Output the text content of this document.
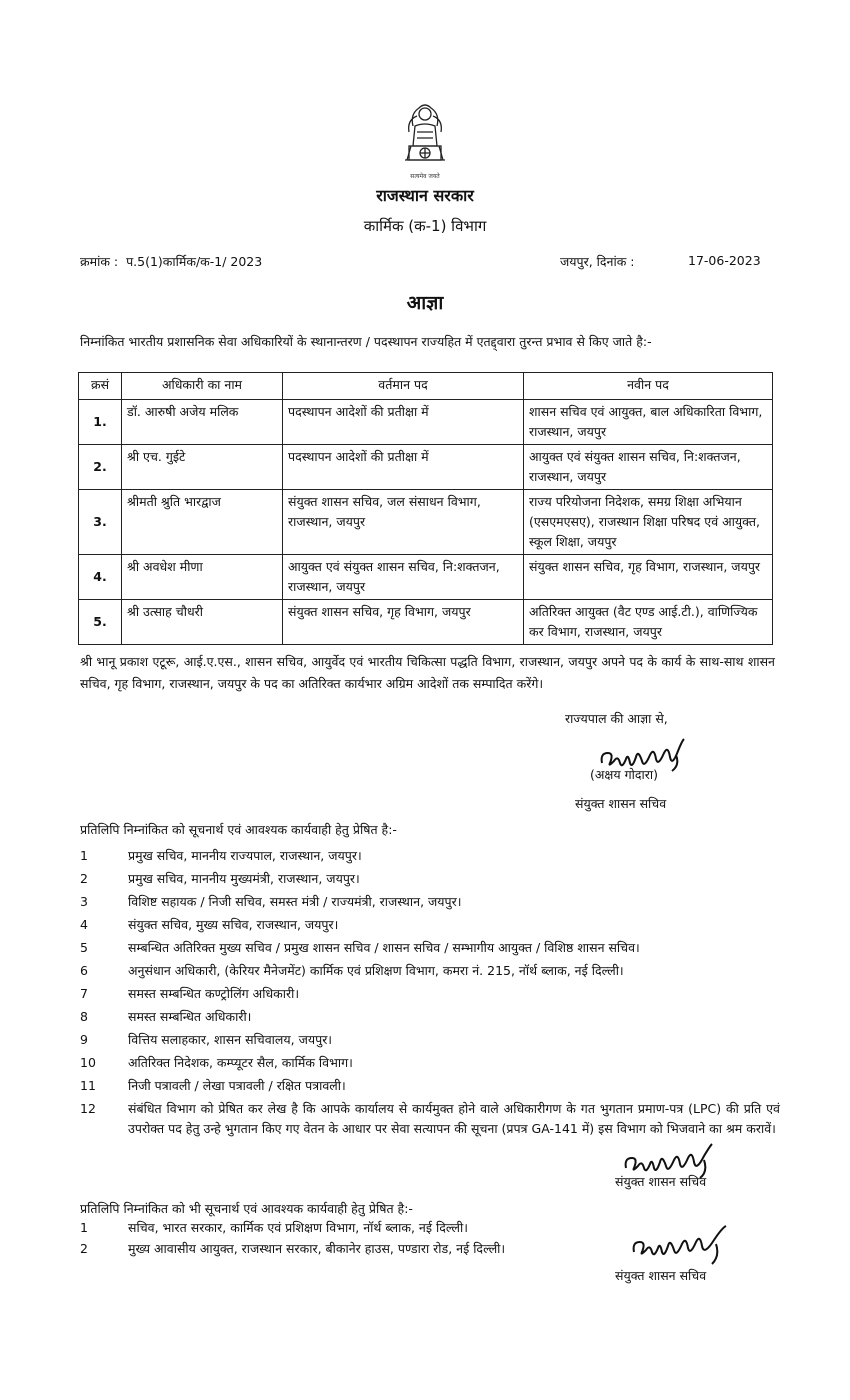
सत्यमेव जयते
राजस्थान सरकार
कार्मिक (क-1) विभाग
क्रमांक : प.5(1)कार्मिक/क-1/ 2023	जयपुर, दिनांक :	17-06-2023
आज्ञा
निम्नांकित भारतीय प्रशासनिक सेवा अधिकारियों के स्थानान्तरण / पदस्थापन राज्यहित में एतद्द्वारा तुरन्त प्रभाव से किए जाते है:-
क्रसं	अधिकारी का नाम	वर्तमान पद	नवीन पद
1.	डॉ. आरुषी अजेय मलिक	पदस्थापन आदेशों की प्रतीक्षा में	शासन सचिव एवं आयुक्त, बाल अधिकारिता विभाग, राजस्थान, जयपुर
2.	श्री एच. गुईटे	पदस्थापन आदेशों की प्रतीक्षा में	आयुक्त एवं संयुक्त शासन सचिव, नि:शक्तजन, राजस्थान, जयपुर
3.	श्रीमती श्रुति भारद्वाज	संयुक्त शासन सचिव, जल संसाधन विभाग, राजस्थान, जयपुर	राज्य परियोजना निदेशक, समग्र शिक्षा अभियान (एसएमएसए), राजस्थान शिक्षा परिषद एवं आयुक्त, स्कूल शिक्षा, जयपुर
4.	श्री अवधेश मीणा	आयुक्त एवं संयुक्त शासन सचिव, नि:शक्तजन, राजस्थान, जयपुर	संयुक्त शासन सचिव, गृह विभाग, राजस्थान, जयपुर
5.	श्री उत्साह चौधरी	संयुक्त शासन सचिव, गृह विभाग, जयपुर	अतिरिक्त आयुक्त (वैट एण्ड आई.टी.), वाणिज्यिक कर विभाग, राजस्थान, जयपुर
श्री भानू प्रकाश एटूरू, आई.ए.एस., शासन सचिव, आयुर्वेद एवं भारतीय चिकित्सा पद्धति विभाग, राजस्थान, जयपुर अपने पद के कार्य के साथ-साथ शासन सचिव, गृह विभाग, राजस्थान, जयपुर के पद का अतिरिक्त कार्यभार अग्रिम आदेशों तक सम्पादित करेंगे।
राज्यपाल की आज्ञा से,
(अक्षय गोदारा)
संयुक्त शासन सचिव
प्रतिलिपि निम्नांकित को सूचनार्थ एवं आवश्यक कार्यवाही हेतु प्रेषित है:-
1	प्रमुख सचिव, माननीय राज्यपाल, राजस्थान, जयपुर।
2	प्रमुख सचिव, माननीय मुख्यमंत्री, राजस्थान, जयपुर।
3	विशिष्ट सहायक / निजी सचिव, समस्त मंत्री / राज्यमंत्री, राजस्थान, जयपुर।
4	संयुक्त सचिव, मुख्य सचिव, राजस्थान, जयपुर।
5	सम्बन्धित अतिरिक्त मुख्य सचिव / प्रमुख शासन सचिव / शासन सचिव / सम्भागीय आयुक्त / विशिष्ठ शासन सचिव।
6	अनुसंधान अधिकारी, (केरियर मैनेजमेंट) कार्मिक एवं प्रशिक्षण विभाग, कमरा नं. 215, नॉर्थ ब्लाक, नई दिल्ली।
7	समस्त सम्बन्धित कण्ट्रोलिंग अधिकारी।
8	समस्त सम्बन्धित अधिकारी।
9	वित्तिय सलाहकार, शासन सचिवालय, जयपुर।
10	अतिरिक्त निदेशक, कम्प्यूटर सैल, कार्मिक विभाग।
11	निजी पत्रावली / लेखा पत्रावली / रक्षित पत्रावली।
12	संबंधित विभाग को प्रेषित कर लेख है कि आपके कार्यालय से कार्यमुक्त होने वाले अधिकारीगण के गत भुगतान प्रमाण-पत्र (LPC) की प्रति एवं उपरोक्त पद हेतु उन्हे भुगतान किए गए वेतन के आधार पर सेवा सत्यापन की सूचना (प्रपत्र GA-141 में) इस विभाग को भिजवाने का श्रम करावें।
संयुक्त शासन सचिव
प्रतिलिपि निम्नांकित को भी सूचनार्थ एवं आवश्यक कार्यवाही हेतु प्रेषित है:-
1	सचिव, भारत सरकार, कार्मिक एवं प्रशिक्षण विभाग, नॉर्थ ब्लाक, नई दिल्ली।
2	मुख्य आवासीय आयुक्त, राजस्थान सरकार, बीकानेर हाउस, पण्डारा रोड, नई दिल्ली।
संयुक्त शासन सचिव
